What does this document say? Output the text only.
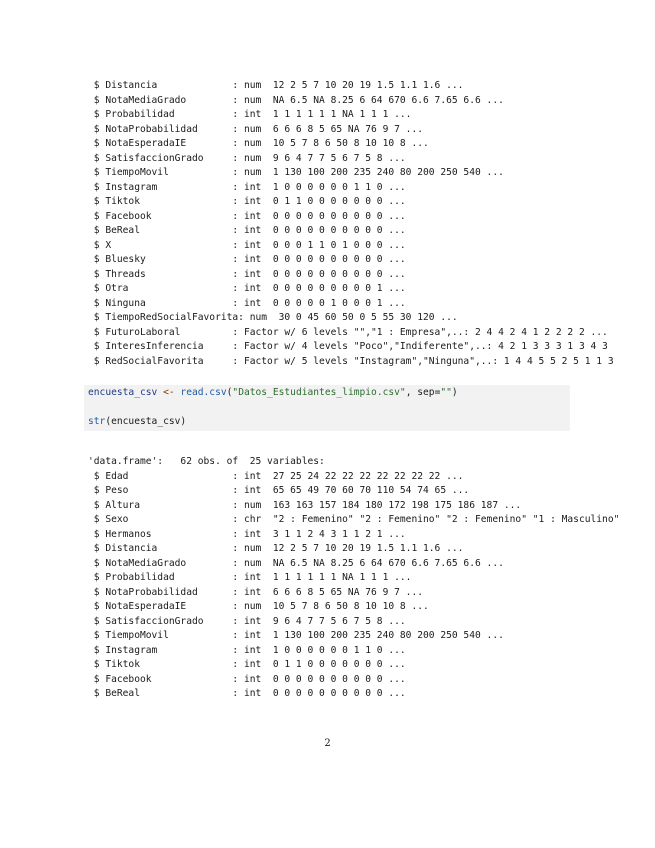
$ Distancia             : num  12 2 5 7 10 20 19 1.5 1.1 1.6 ...
$ NotaMediaGrado        : num  NA 6.5 NA 8.25 6 64 670 6.6 7.65 6.6 ...
$ Probabilidad          : int  1 1 1 1 1 1 NA 1 1 1 ...
$ NotaProbabilidad      : num  6 6 6 8 5 65 NA 76 9 7 ...
$ NotaEsperadaIE        : num  10 5 7 8 6 50 8 10 10 8 ...
$ SatisfaccionGrado     : num  9 6 4 7 7 5 6 7 5 8 ...
$ TiempoMovil           : num  1 130 100 200 235 240 80 200 250 540 ...
$ Instagram             : int  1 0 0 0 0 0 0 1 1 0 ...
$ Tiktok                : int  0 1 1 0 0 0 0 0 0 0 ...
$ Facebook              : int  0 0 0 0 0 0 0 0 0 0 ...
$ BeReal                : int  0 0 0 0 0 0 0 0 0 0 ...
$ X                     : int  0 0 0 1 1 0 1 0 0 0 ...
$ Bluesky               : int  0 0 0 0 0 0 0 0 0 0 ...
$ Threads               : int  0 0 0 0 0 0 0 0 0 0 ...
$ Otra                  : int  0 0 0 0 0 0 0 0 0 1 ...
$ Ninguna               : int  0 0 0 0 0 1 0 0 0 1 ...
$ TiempoRedSocialFavorita: num  30 0 45 60 50 0 5 55 30 120 ...
$ FuturoLaboral         : Factor w/ 6 levels "","1 : Empresa",..: 2 4 4 2 4 1 2 2 2 2 ...
$ InteresInferencia     : Factor w/ 4 levels "Poco","Indiferente",..: 4 2 1 3 3 3 1 3 4 3
$ RedSocialFavorita     : Factor w/ 5 levels "Instagram","Ninguna",..: 1 4 4 5 5 2 5 1 1 3
encuesta_csv <- read.csv("Datos_Estudiantes_limpio.csv", sep="")
str(encuesta_csv)
'data.frame':   62 obs. of  25 variables:
$ Edad                  : int  27 25 24 22 22 22 22 22 22 22 ...
$ Peso                  : int  65 65 49 70 60 70 110 54 74 65 ...
$ Altura                : num  163 163 157 184 180 172 198 175 186 187 ...
$ Sexo                  : chr  "2 : Femenino" "2 : Femenino" "2 : Femenino" "1 : Masculino"
$ Hermanos              : int  3 1 1 2 4 3 1 1 2 1 ...
$ Distancia             : num  12 2 5 7 10 20 19 1.5 1.1 1.6 ...
$ NotaMediaGrado        : num  NA 6.5 NA 8.25 6 64 670 6.6 7.65 6.6 ...
$ Probabilidad          : int  1 1 1 1 1 1 NA 1 1 1 ...
$ NotaProbabilidad      : int  6 6 6 8 5 65 NA 76 9 7 ...
$ NotaEsperadaIE        : num  10 5 7 8 6 50 8 10 10 8 ...
$ SatisfaccionGrado     : int  9 6 4 7 7 5 6 7 5 8 ...
$ TiempoMovil           : int  1 130 100 200 235 240 80 200 250 540 ...
$ Instagram             : int  1 0 0 0 0 0 0 1 1 0 ...
$ Tiktok                : int  0 1 1 0 0 0 0 0 0 0 ...
$ Facebook              : int  0 0 0 0 0 0 0 0 0 0 ...
$ BeReal                : int  0 0 0 0 0 0 0 0 0 0 ...
2
